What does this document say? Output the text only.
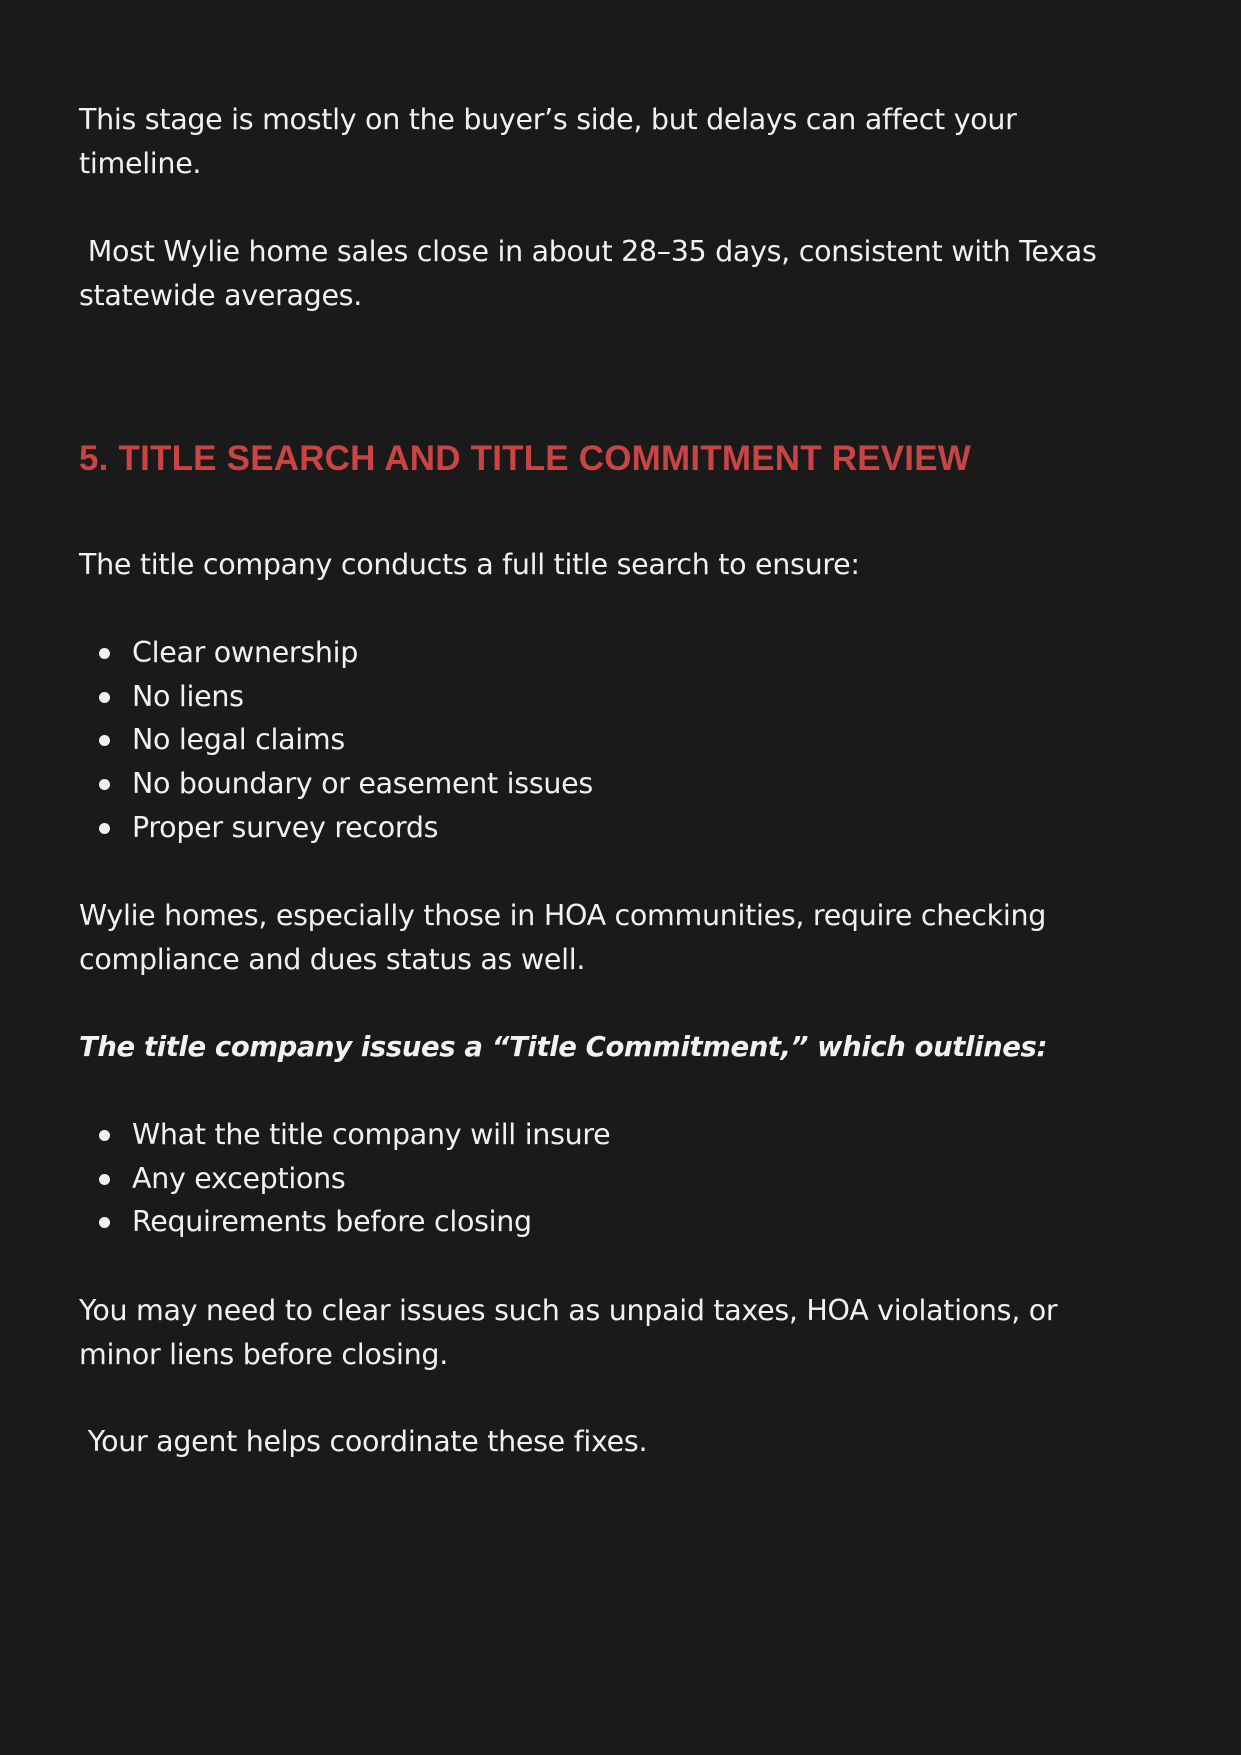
This stage is mostly on the buyer’s side, but delays can affect your timeline.

Most Wylie home sales close in about 28–35 days, consistent with Texas statewide averages.

5. TITLE SEARCH AND TITLE COMMITMENT REVIEW

The title company conducts a full title search to ensure:

Clear ownership
No liens
No legal claims
No boundary or easement issues
Proper survey records

Wylie homes, especially those in HOA communities, require checking compliance and dues status as well.

The title company issues a “Title Commitment,” which outlines:

What the title company will insure
Any exceptions
Requirements before closing

You may need to clear issues such as unpaid taxes, HOA violations, or minor liens before closing.

Your agent helps coordinate these fixes.
